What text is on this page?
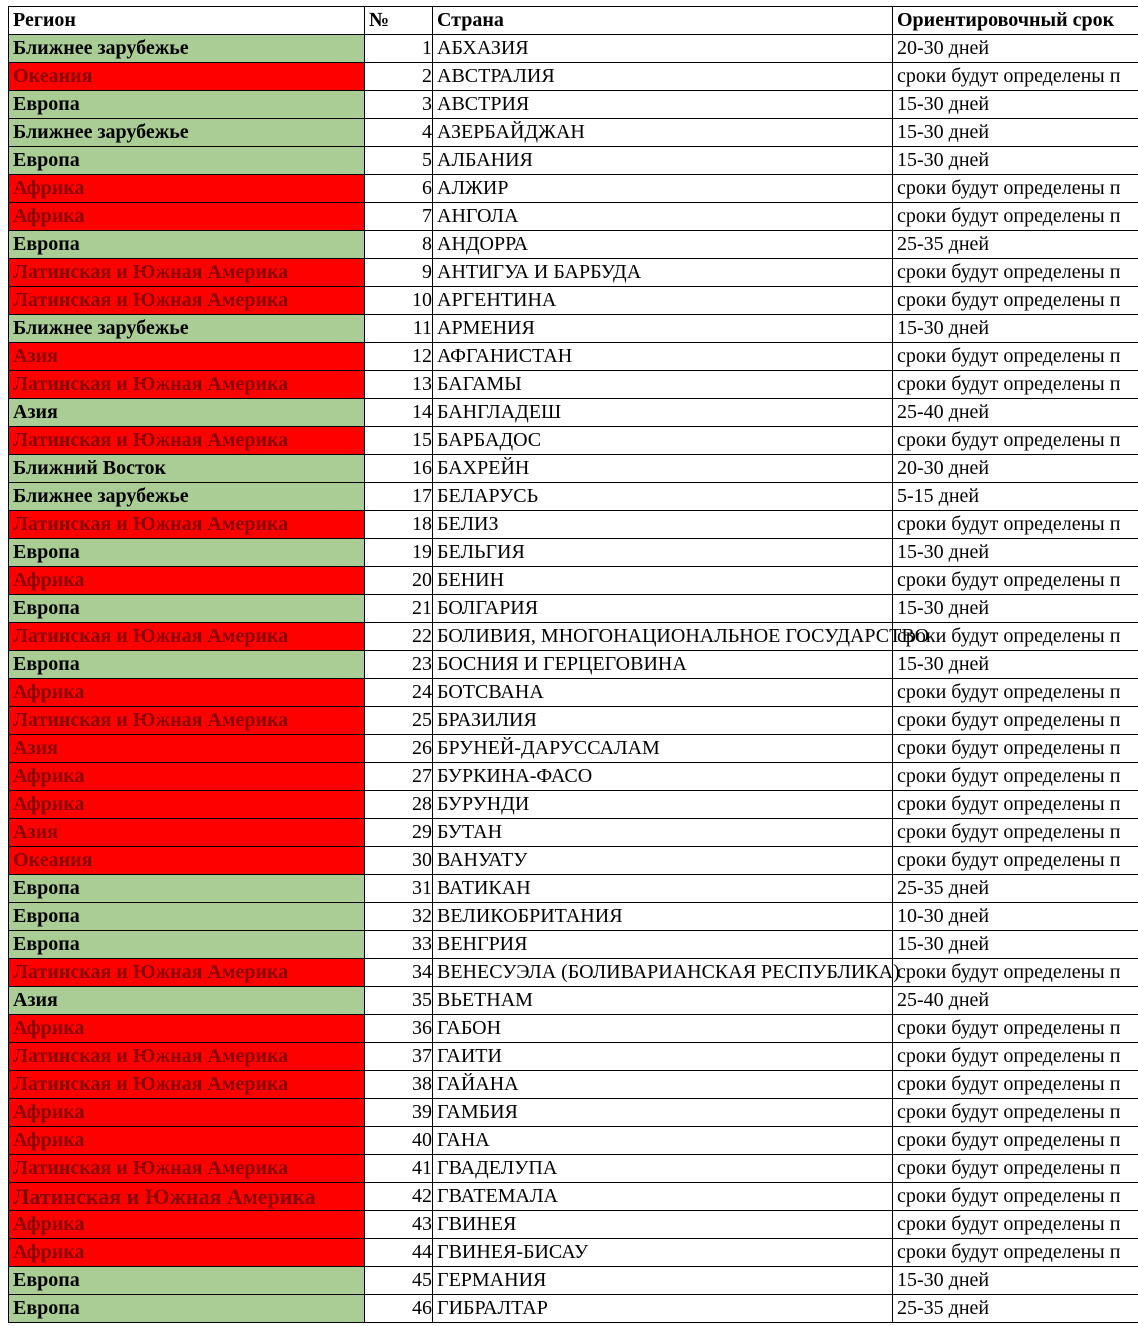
Регион	№	Страна	Ориентировочный срок
Ближнее зарубежье	1	АБХАЗИЯ	20-30 дней
Океания	2	АВСТРАЛИЯ	сроки будут определены п
Европа	3	АВСТРИЯ	15-30 дней
Ближнее зарубежье	4	АЗЕРБАЙДЖАН	15-30 дней
Европа	5	АЛБАНИЯ	15-30 дней
Африка	6	АЛЖИР	сроки будут определены п
Африка	7	АНГОЛА	сроки будут определены п
Европа	8	АНДОРРА	25-35 дней
Латинская и Южная Америка	9	АНТИГУА И БАРБУДА	сроки будут определены п
Латинская и Южная Америка	10	АРГЕНТИНА	сроки будут определены п
Ближнее зарубежье	11	АРМЕНИЯ	15-30 дней
Азия	12	АФГАНИСТАН	сроки будут определены п
Латинская и Южная Америка	13	БАГАМЫ	сроки будут определены п
Азия	14	БАНГЛАДЕШ	25-40 дней
Латинская и Южная Америка	15	БАРБАДОС	сроки будут определены п
Ближний Восток	16	БАХРЕЙН	20-30 дней
Ближнее зарубежье	17	БЕЛАРУСЬ	5-15 дней
Латинская и Южная Америка	18	БЕЛИЗ	сроки будут определены п
Европа	19	БЕЛЬГИЯ	15-30 дней
Африка	20	БЕНИН	сроки будут определены п
Европа	21	БОЛГАРИЯ	15-30 дней
Латинская и Южная Америка	22	БОЛИВИЯ, МНОГОНАЦИОНАЛЬНОЕ ГОСУДАРСТВО	сроки будут определены п
Европа	23	БОСНИЯ И ГЕРЦЕГОВИНА	15-30 дней
Африка	24	БОТСВАНА	сроки будут определены п
Латинская и Южная Америка	25	БРАЗИЛИЯ	сроки будут определены п
Азия	26	БРУНЕЙ-ДАРУССАЛАМ	сроки будут определены п
Африка	27	БУРКИНА-ФАСО	сроки будут определены п
Африка	28	БУРУНДИ	сроки будут определены п
Азия	29	БУТАН	сроки будут определены п
Океания	30	ВАНУАТУ	сроки будут определены п
Европа	31	ВАТИКАН	25-35 дней
Европа	32	ВЕЛИКОБРИТАНИЯ	10-30 дней
Европа	33	ВЕНГРИЯ	15-30 дней
Латинская и Южная Америка	34	ВЕНЕСУЭЛА (БОЛИВАРИАНСКАЯ РЕСПУБЛИКА)	сроки будут определены п
Азия	35	ВЬЕТНАМ	25-40 дней
Африка	36	ГАБОН	сроки будут определены п
Латинская и Южная Америка	37	ГАИТИ	сроки будут определены п
Латинская и Южная Америка	38	ГАЙАНА	сроки будут определены п
Африка	39	ГАМБИЯ	сроки будут определены п
Африка	40	ГАНА	сроки будут определены п
Латинская и Южная Америка	41	ГВАДЕЛУПА	сроки будут определены п
Латинская и Южная Америка	42	ГВАТЕМАЛА	сроки будут определены п
Африка	43	ГВИНЕЯ	сроки будут определены п
Африка	44	ГВИНЕЯ-БИСАУ	сроки будут определены п
Европа	45	ГЕРМАНИЯ	15-30 дней
Европа	46	ГИБРАЛТАР	25-35 дней
